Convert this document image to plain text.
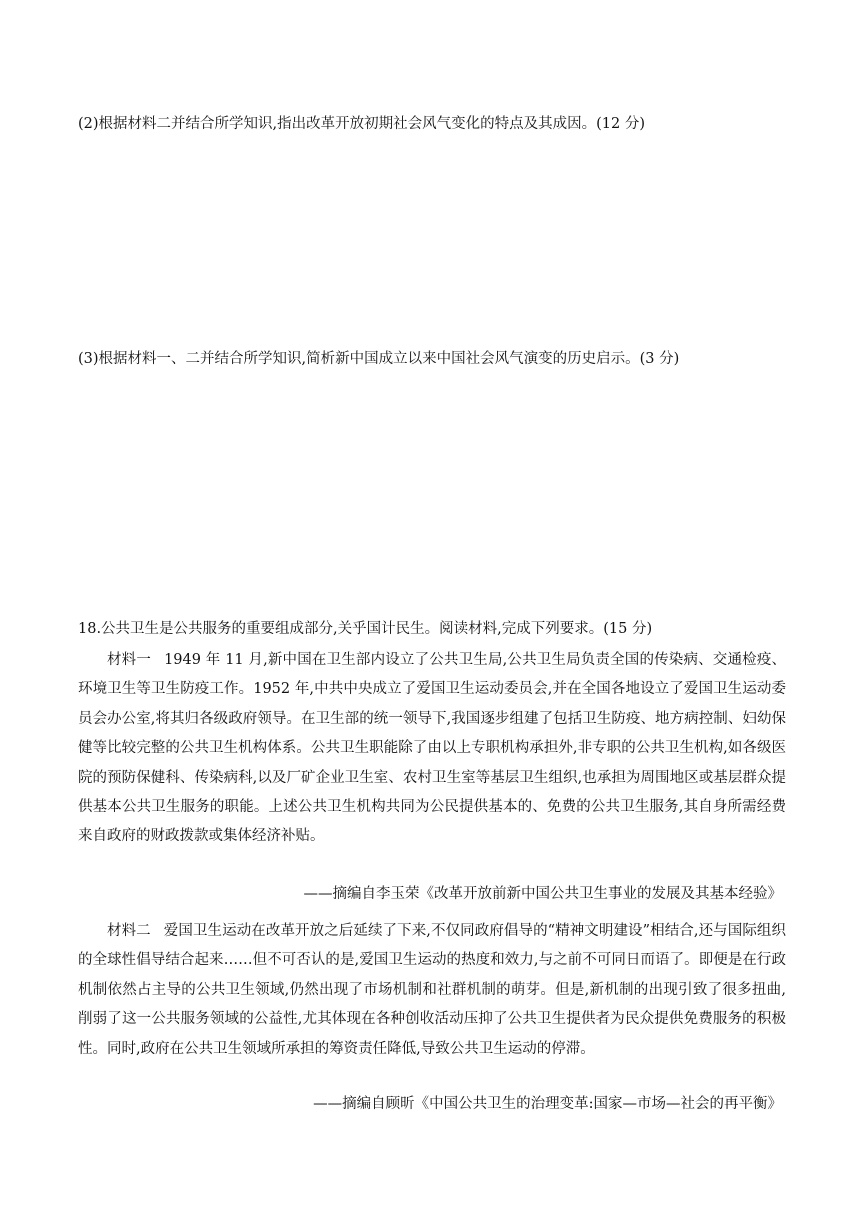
(2)根据材料二并结合所学知识,指出改革开放初期社会风气变化的特点及其成因。(12 分)
(3)根据材料一、二并结合所学知识,简析新中国成立以来中国社会风气演变的历史启示。(3 分)
18.公共卫生是公共服务的重要组成部分,关乎国计民生。阅读材料,完成下列要求。(15 分)

材料一 1949 年 11 月,新中国在卫生部内设立了公共卫生局,公共卫生局负责全国的传染病、交通检疫、环境卫生等卫生防疫工作。1952 年,中共中央成立了爱国卫生运动委员会,并在全国各地设立了爱国卫生运动委员会办公室,将其归各级政府领导。在卫生部的统一领导下,我国逐步组建了包括卫生防疫、地方病控制、妇幼保健等比较完整的公共卫生机构体系。公共卫生职能除了由以上专职机构承担外,非专职的公共卫生机构,如各级医院的预防保健科、传染病科,以及厂矿企业卫生室、农村卫生室等基层卫生组织,也承担为周围地区或基层群众提供基本公共卫生服务的职能。上述公共卫生机构共同为公民提供基本的、免费的公共卫生服务,其自身所需经费来自政府的财政拨款或集体经济补贴。

——摘编自李玉荣《改革开放前新中国公共卫生事业的发展及其基本经验》

材料二 爱国卫生运动在改革开放之后延续了下来,不仅同政府倡导的“精神文明建设”相结合,还与国际组织的全球性倡导结合起来……但不可否认的是,爱国卫生运动的热度和效力,与之前不可同日而语了。即便是在行政机制依然占主导的公共卫生领域,仍然出现了市场机制和社群机制的萌芽。但是,新机制的出现引致了很多扭曲,削弱了这一公共服务领域的公益性,尤其体现在各种创收活动压抑了公共卫生提供者为民众提供免费服务的积极性。同时,政府在公共卫生领域所承担的筹资责任降低,导致公共卫生运动的停滞。

——摘编自顾昕《中国公共卫生的治理变革:国家—市场—社会的再平衡》
